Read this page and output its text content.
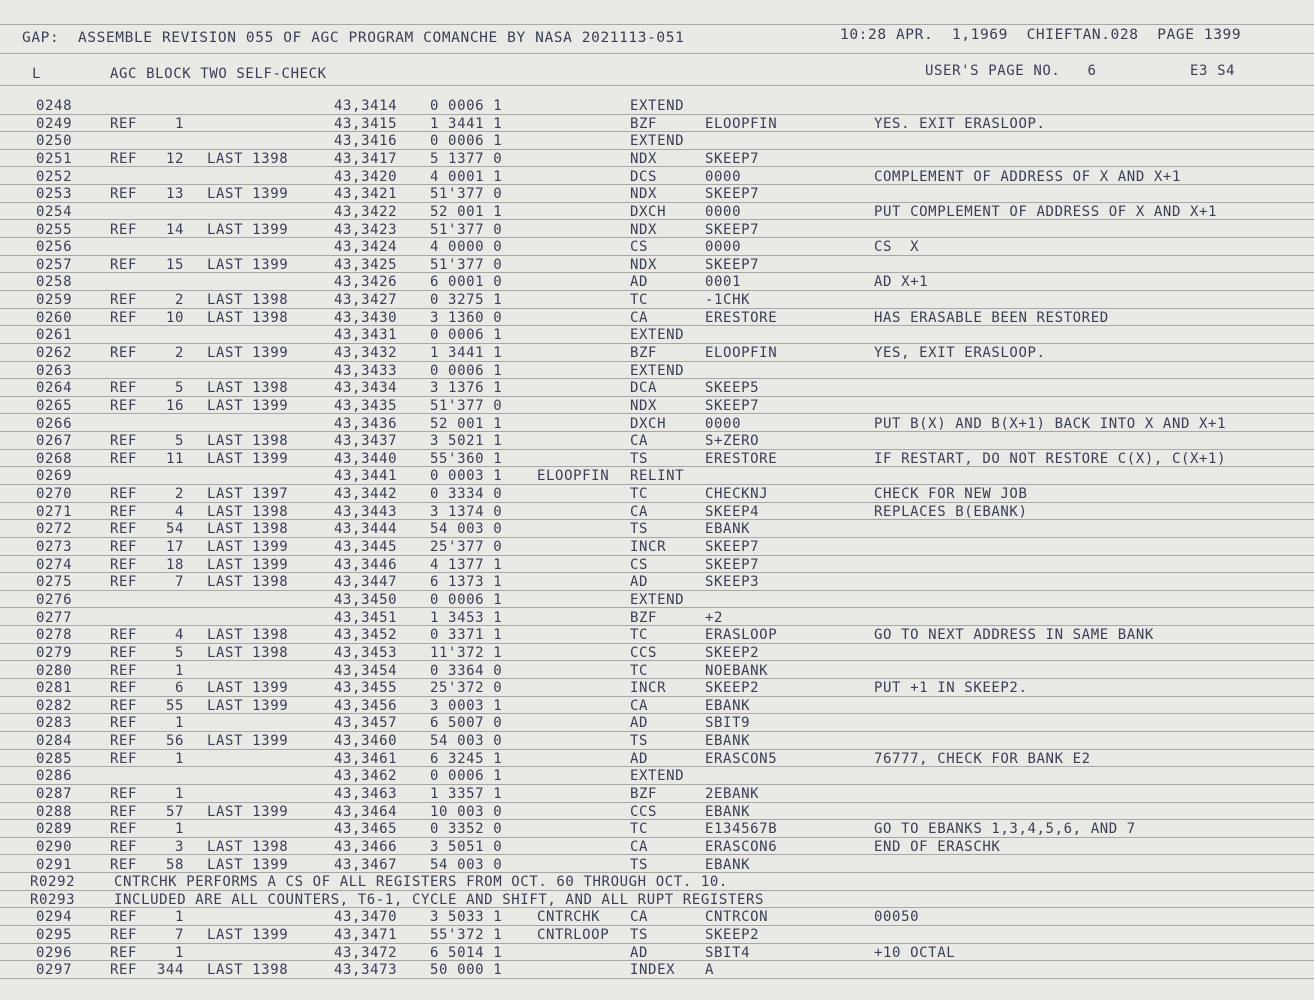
GAP:  ASSEMBLE REVISION 055 OF AGC PROGRAM COMANCHE BY NASA 2021113-051	10:28 APR.  1,1969  CHIEFTAN.028  PAGE 1399
L	AGC BLOCK TWO SELF-CHECK	USER'S PAGE NO.   6	E3 S4
0248	43,3414 0 0006 1	EXTEND
0249	REF	1	43,3415 1 3441 1	BZF	ELOOPFIN	YES. EXIT ERASLOOP.
0250	43,3416 0 0006 1	EXTEND
0251	REF	12 LAST 1398	43,3417 5 1377 0	NDX	SKEEP7
0252	43,3420 4 0001 1	DCS	0000	COMPLEMENT OF ADDRESS OF X AND X+1
0253	REF	13 LAST 1399	43,3421 51'377 0	NDX	SKEEP7
0254	43,3422 52 001 1	DXCH	0000	PUT COMPLEMENT OF ADDRESS OF X AND X+1
0255	REF	14 LAST 1399	43,3423 51'377 0	NDX	SKEEP7
0256	43,3424 4 0000 0	CS	0000	CS  X
0257	REF	15 LAST 1399	43,3425 51'377 0	NDX	SKEEP7
0258	43,3426 6 0001 0	AD	0001	AD X+1
0259	REF	2 LAST 1398	43,3427 0 3275 1	TC	-1CHK
0260	REF	10 LAST 1398	43,3430 3 1360 0	CA	ERESTORE	HAS ERASABLE BEEN RESTORED
0261	43,3431 0 0006 1	EXTEND
0262	REF	2 LAST 1399	43,3432 1 3441 1	BZF	ELOOPFIN	YES, EXIT ERASLOOP.
0263	43,3433 0 0006 1	EXTEND
0264	REF	5 LAST 1398	43,3434 3 1376 1	DCA	SKEEP5
0265	REF	16 LAST 1399	43,3435 51'377 0	NDX	SKEEP7
0266	43,3436 52 001 1	DXCH	0000	PUT B(X) AND B(X+1) BACK INTO X AND X+1
0267	REF	5 LAST 1398	43,3437 3 5021 1	CA	S+ZERO
0268	REF	11 LAST 1399	43,3440 55'360 1	TS	ERESTORE	IF RESTART, DO NOT RESTORE C(X), C(X+1)
0269	43,3441 0 0003 1 ELOOPFIN RELINT
0270	REF	2 LAST 1397	43,3442 0 3334 0	TC	CHECKNJ	CHECK FOR NEW JOB
0271	REF	4 LAST 1398	43,3443 3 1374 0	CA	SKEEP4	REPLACES B(EBANK)
0272	REF	54 LAST 1398	43,3444 54 003 0	TS	EBANK
0273	REF	17 LAST 1399	43,3445 25'377 0	INCR	SKEEP7
0274	REF	18 LAST 1399	43,3446 4 1377 1	CS	SKEEP7
0275	REF	7 LAST 1398	43,3447 6 1373 1	AD	SKEEP3
0276	43,3450 0 0006 1	EXTEND
0277	43,3451 1 3453 1	BZF	+2
0278	REF	4 LAST 1398	43,3452 0 3371 1	TC	ERASLOOP	GO TO NEXT ADDRESS IN SAME BANK
0279	REF	5 LAST 1398	43,3453 11'372 1	CCS	SKEEP2
0280	REF	1	43,3454 0 3364 0	TC	NOEBANK
0281	REF	6 LAST 1399	43,3455 25'372 0	INCR	SKEEP2	PUT +1 IN SKEEP2.
0282	REF	55 LAST 1399	43,3456 3 0003 1	CA	EBANK
0283	REF	1	43,3457 6 5007 0	AD	SBIT9
0284	REF	56 LAST 1399	43,3460 54 003 0	TS	EBANK
0285	REF	1	43,3461 6 3245 1	AD	ERASCON5	76777, CHECK FOR BANK E2
0286	43,3462 0 0006 1	EXTEND
0287	REF	1	43,3463 1 3357 1	BZF	2EBANK
0288	REF	57 LAST 1399	43,3464 10 003 0	CCS	EBANK
0289	REF	1	43,3465 0 3352 0	TC	E134567B	GO TO EBANKS 1,3,4,5,6, AND 7
0290	REF	3 LAST 1398	43,3466 3 5051 0	CA	ERASCON6	END OF ERASCHK
0291	REF	58 LAST 1399	43,3467 54 003 0	TS	EBANK
R0292	CNTRCHK PERFORMS A CS OF ALL REGISTERS FROM OCT. 60 THROUGH OCT. 10.
R0293	INCLUDED ARE ALL COUNTERS, T6-1, CYCLE AND SHIFT, AND ALL RUPT REGISTERS
0294	REF	1	43,3470 3 5033 1 CNTRCHK CA	CNTRCON	00050
0295	REF	7 LAST 1399	43,3471 55'372 1 CNTRLOOP TS	SKEEP2
0296	REF	1	43,3472 6 5014 1	AD	SBIT4	+10 OCTAL
0297	REF	344 LAST 1398	43,3473 50 000 1	INDEX A
